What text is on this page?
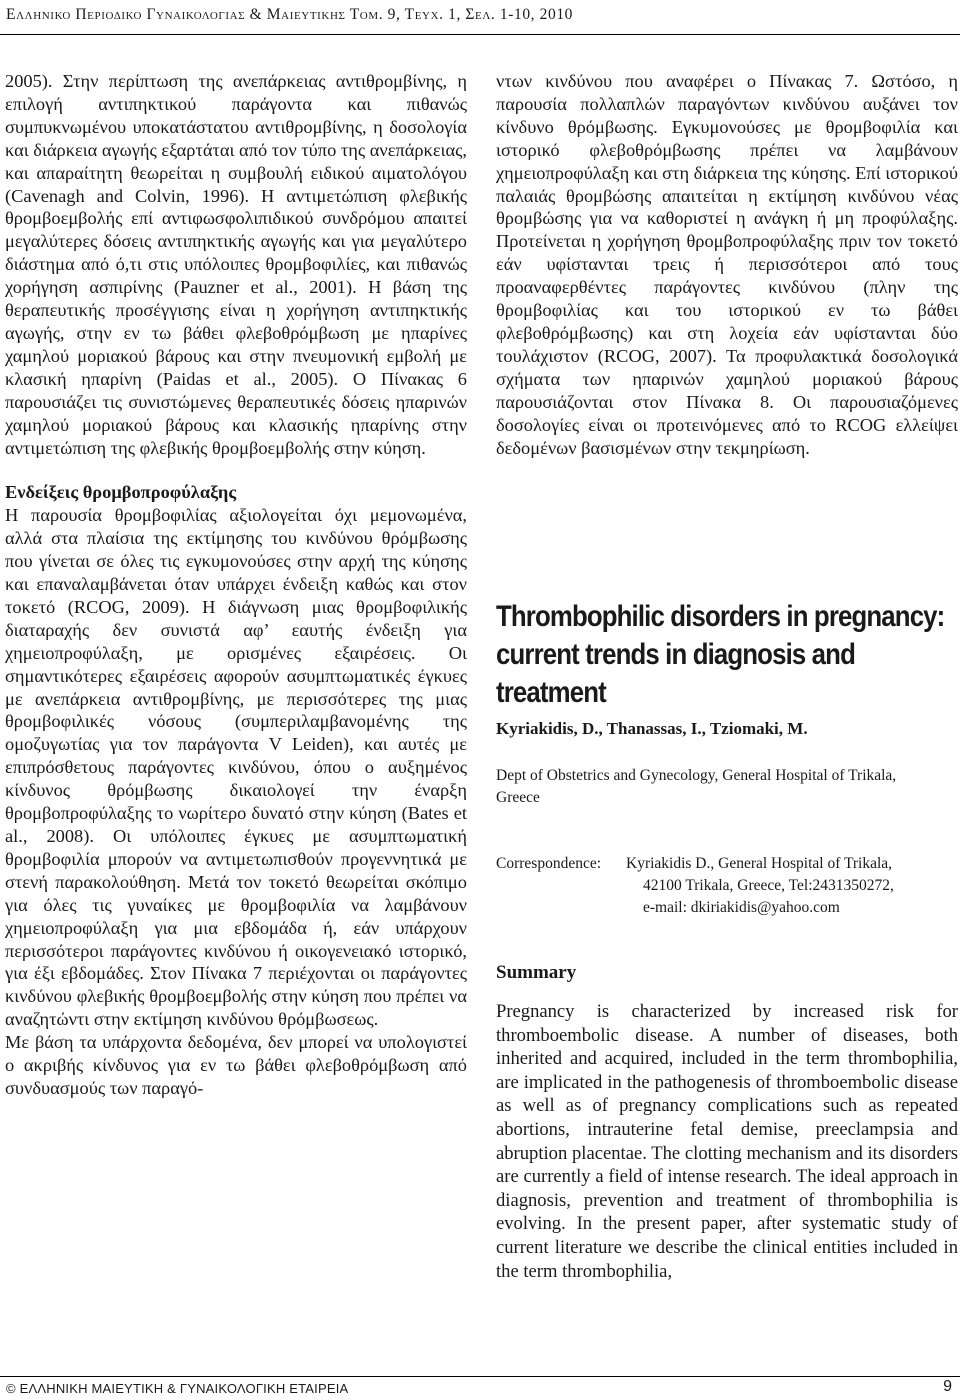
Ελληνικο Περιοδικο Γυναικολογιας & Μαιευτικης Τομ. 9, Τευχ. 1, Σελ. 1-10, 2010

2005). Στην περίπτωση της ανεπάρκειας αντιθρομβίνης, η επιλογή αντιπηκτικού παράγοντα και πιθανώς συμπυκνωμένου υποκατάστατου αντιθρομβίνης, η δοσολογία και διάρκεια αγωγής εξαρτάται από τον τύπο της ανεπάρκειας, και απαραίτητη θεωρείται η συμβουλή ειδικού αιματολόγου (Cavenagh and Colvin, 1996). Η αντιμετώπιση φλεβικής θρομβοεμβολής επί αντιφωσφολιπιδικού συνδρόμου απαιτεί μεγαλύτερες δόσεις αντιπηκτικής αγωγής και για μεγαλύτερο διάστημα από ό,τι στις υπόλοιπες θρομβοφιλίες, και πιθανώς χορήγηση ασπιρίνης (Pauzner et al., 2001). Η βάση της θεραπευτικής προσέγγισης είναι η χορήγηση αντιπηκτικής αγωγής, στην εν τω βάθει φλεβοθρόμβωση με ηπαρίνες χαμηλού μοριακού βάρους και στην πνευμονική εμβολή με κλασική ηπαρίνη (Paidas et al., 2005). Ο Πίνακας 6 παρουσιάζει τις συνιστώμενες θεραπευτικές δόσεις ηπαρινών χαμηλού μοριακού βάρους και κλασικής ηπαρίνης στην αντιμετώπιση της φλεβικής θρομβοεμβολής στην κύηση.

Ενδείξεις θρομβοπροφύλαξης

Η παρουσία θρομβοφιλίας αξιολογείται όχι μεμονωμένα, αλλά στα πλαίσια της εκτίμησης του κινδύνου θρόμβωσης που γίνεται σε όλες τις εγκυμονούσες στην αρχή της κύησης και επαναλαμβάνεται όταν υπάρχει ένδειξη καθώς και στον τοκετό (RCOG, 2009). Η διάγνωση μιας θρομβοφιλικής διαταραχής δεν συνιστά αφ’ εαυτής ένδειξη για χημειοπροφύλαξη, με ορισμένες εξαιρέσεις. Οι σημαντικότερες εξαιρέσεις αφορούν ασυμπτωματικές έγκυες με ανεπάρκεια αντιθρομβίνης, με περισσότερες της μιας θρομβοφιλικές νόσους (συμπεριλαμβανομένης της ομοζυγωτίας για τον παράγοντα V Leiden), και αυτές με επιπρόσθετους παράγοντες κινδύνου, όπου ο αυξημένος κίνδυνος θρόμβωσης δικαιολογεί την έναρξη θρομβοπροφύλαξης το νωρίτερο δυνατό στην κύηση (Bates et al., 2008). Οι υπόλοιπες έγκυες με ασυμπτωματική θρομβοφιλία μπορούν να αντιμετωπισθούν προγεννητικά με στενή παρακολούθηση. Μετά τον τοκετό θεωρείται σκόπιμο για όλες τις γυναίκες με θρομβοφιλία να λαμβάνουν χημειοπροφύλαξη για μια εβδομάδα ή, εάν υπάρχουν περισσότεροι παράγοντες κινδύνου ή οικογενειακό ιστορικό, για έξι εβδομάδες. Στον Πίνακα 7 περιέχονται οι παράγοντες κινδύνου φλεβικής θρομβοεμβολής στην κύηση που πρέπει να αναζητώντι στην εκτίμηση κινδύνου θρόμβωσεως.

Με βάση τα υπάρχοντα δεδομένα, δεν μπορεί να υπολογιστεί ο ακριβής κίνδυνος για εν τω βάθει φλεβοθρόμβωση από συνδυασμούς των παραγό-

ντων κινδύνου που αναφέρει ο Πίνακας 7. Ωστόσο, η παρουσία πολλαπλών παραγόντων κινδύνου αυξάνει τον κίνδυνο θρόμβωσης. Εγκυμονούσες με θρομβοφιλία και ιστορικό φλεβοθρόμβωσης πρέπει να λαμβάνουν χημειοπροφύλαξη και στη διάρκεια της κύησης. Επί ιστορικού παλαιάς θρομβώσης απαιτείται η εκτίμηση κινδύνου νέας θρομβώσης για να καθοριστεί η ανάγκη ή μη προφύλαξης. Προτείνεται η χορήγηση θρομβοπροφύλαξης πριν τον τοκετό εάν υφίστανται τρεις ή περισσότεροι από τους προαναφερθέντες παράγοντες κινδύνου (πλην της θρομβοφιλίας και του ιστορικού εν τω βάθει φλεβοθρόμβωσης) και στη λοχεία εάν υφίστανται δύο τουλάχιστον (RCOG, 2007). Τα προφυλακτικά δοσολογικά σχήματα των ηπαρινών χαμηλού μοριακού βάρους παρουσιάζονται στον Πίνακα 8. Οι παρουσιαζόμενες δοσολογίες είναι οι προτεινόμενες από το RCOG ελλείψει δεδομένων βασισμένων στην τεκμηρίωση.

Thrombophilic disorders in pregnancy: current trends in diagnosis and treatment
Kyriakidis, D., Thanassas, I., Tziomaki, M.
Dept of Obstetrics and Gynecology, General Hospital of Trikala, Greece
Correspondence: Kyriakidis D., General Hospital of Trikala,
42100 Trikala, Greece, Tel:2431350272,
e-mail: dkiriakidis@yahoo.com
Summary
Pregnancy is characterized by increased risk for thromboembolic disease. A number of diseases, both inherited and acquired, included in the term thrombophilia, are implicated in the pathogenesis of thromboembolic disease as well as of pregnancy complications such as repeated abortions, intrauterine fetal demise, preeclampsia and abruption placentae. The clotting mechanism and its disorders are currently a field of intense research. The ideal approach in diagnosis, prevention and treatment of thrombophilia is evolving. In the present paper, after systematic study of current literature we describe the clinical entities included in the term thrombophilia,
© ΕΛΛΗΝΙΚΗ ΜΑΙΕΥΤΙΚΗ & ΓΥΝΑΙΚΟΛΟΓΙΚΗ ΕΤΑΙΡΕΙΑ	9
